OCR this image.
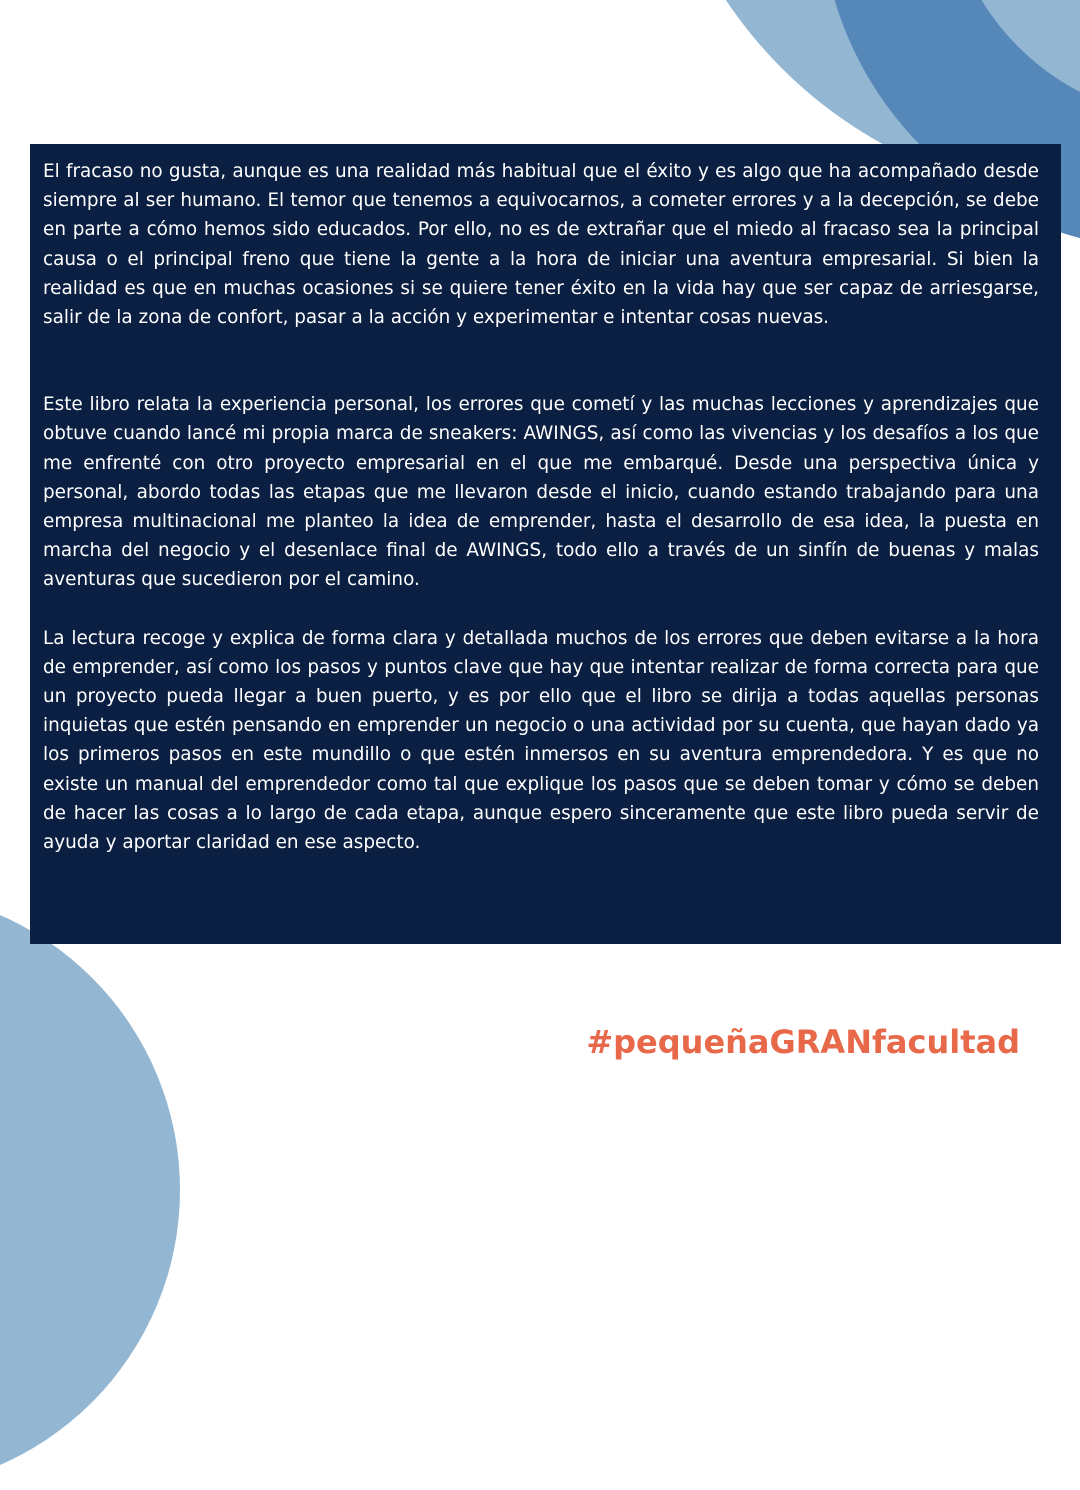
El fracaso no gusta, aunque es una realidad más habitual que el éxito y es algo que ha acompañado desde siempre al ser humano. El temor que tenemos a equivocarnos, a cometer errores y a la decepción, se debe en parte a cómo hemos sido educados. Por ello, no es de extrañar que el miedo al fracaso sea la principal causa o el principal freno que tiene la gente a la hora de iniciar una aventura empresarial. Si bien la realidad es que en muchas ocasiones si se quiere tener éxito en la vida hay que ser capaz de arriesgarse, salir de la zona de confort, pasar a la acción y experimentar e intentar cosas nuevas.

Este libro relata la experiencia personal, los errores que cometí y las muchas lecciones y aprendizajes que obtuve cuando lancé mi propia marca de sneakers: AWINGS, así como las vivencias y los desafíos a los que me enfrenté con otro proyecto empresarial en el que me embarqué. Desde una perspectiva única y personal, abordo todas las etapas que me llevaron desde el inicio, cuando estando trabajando para una empresa multinacional me planteo la idea de emprender, hasta el desarrollo de esa idea, la puesta en marcha del negocio y el desenlace final de AWINGS, todo ello a través de un sinfín de buenas y malas aventuras que sucedieron por el camino.

La lectura recoge y explica de forma clara y detallada muchos de los errores que deben evitarse a la hora de emprender, así como los pasos y puntos clave que hay que intentar realizar de forma correcta para que un proyecto pueda llegar a buen puerto, y es por ello que el libro se dirija a todas aquellas personas inquietas que estén pensando en emprender un negocio o una actividad por su cuenta, que hayan dado ya los primeros pasos en este mundillo o que estén inmersos en su aventura emprendedora. Y es que no existe un manual del emprendedor como tal que explique los pasos que se deben tomar y cómo se deben de hacer las cosas a lo largo de cada etapa, aunque espero sinceramente que este libro pueda servir de ayuda y aportar claridad en ese aspecto.

#pequeñaGRANfacultad
